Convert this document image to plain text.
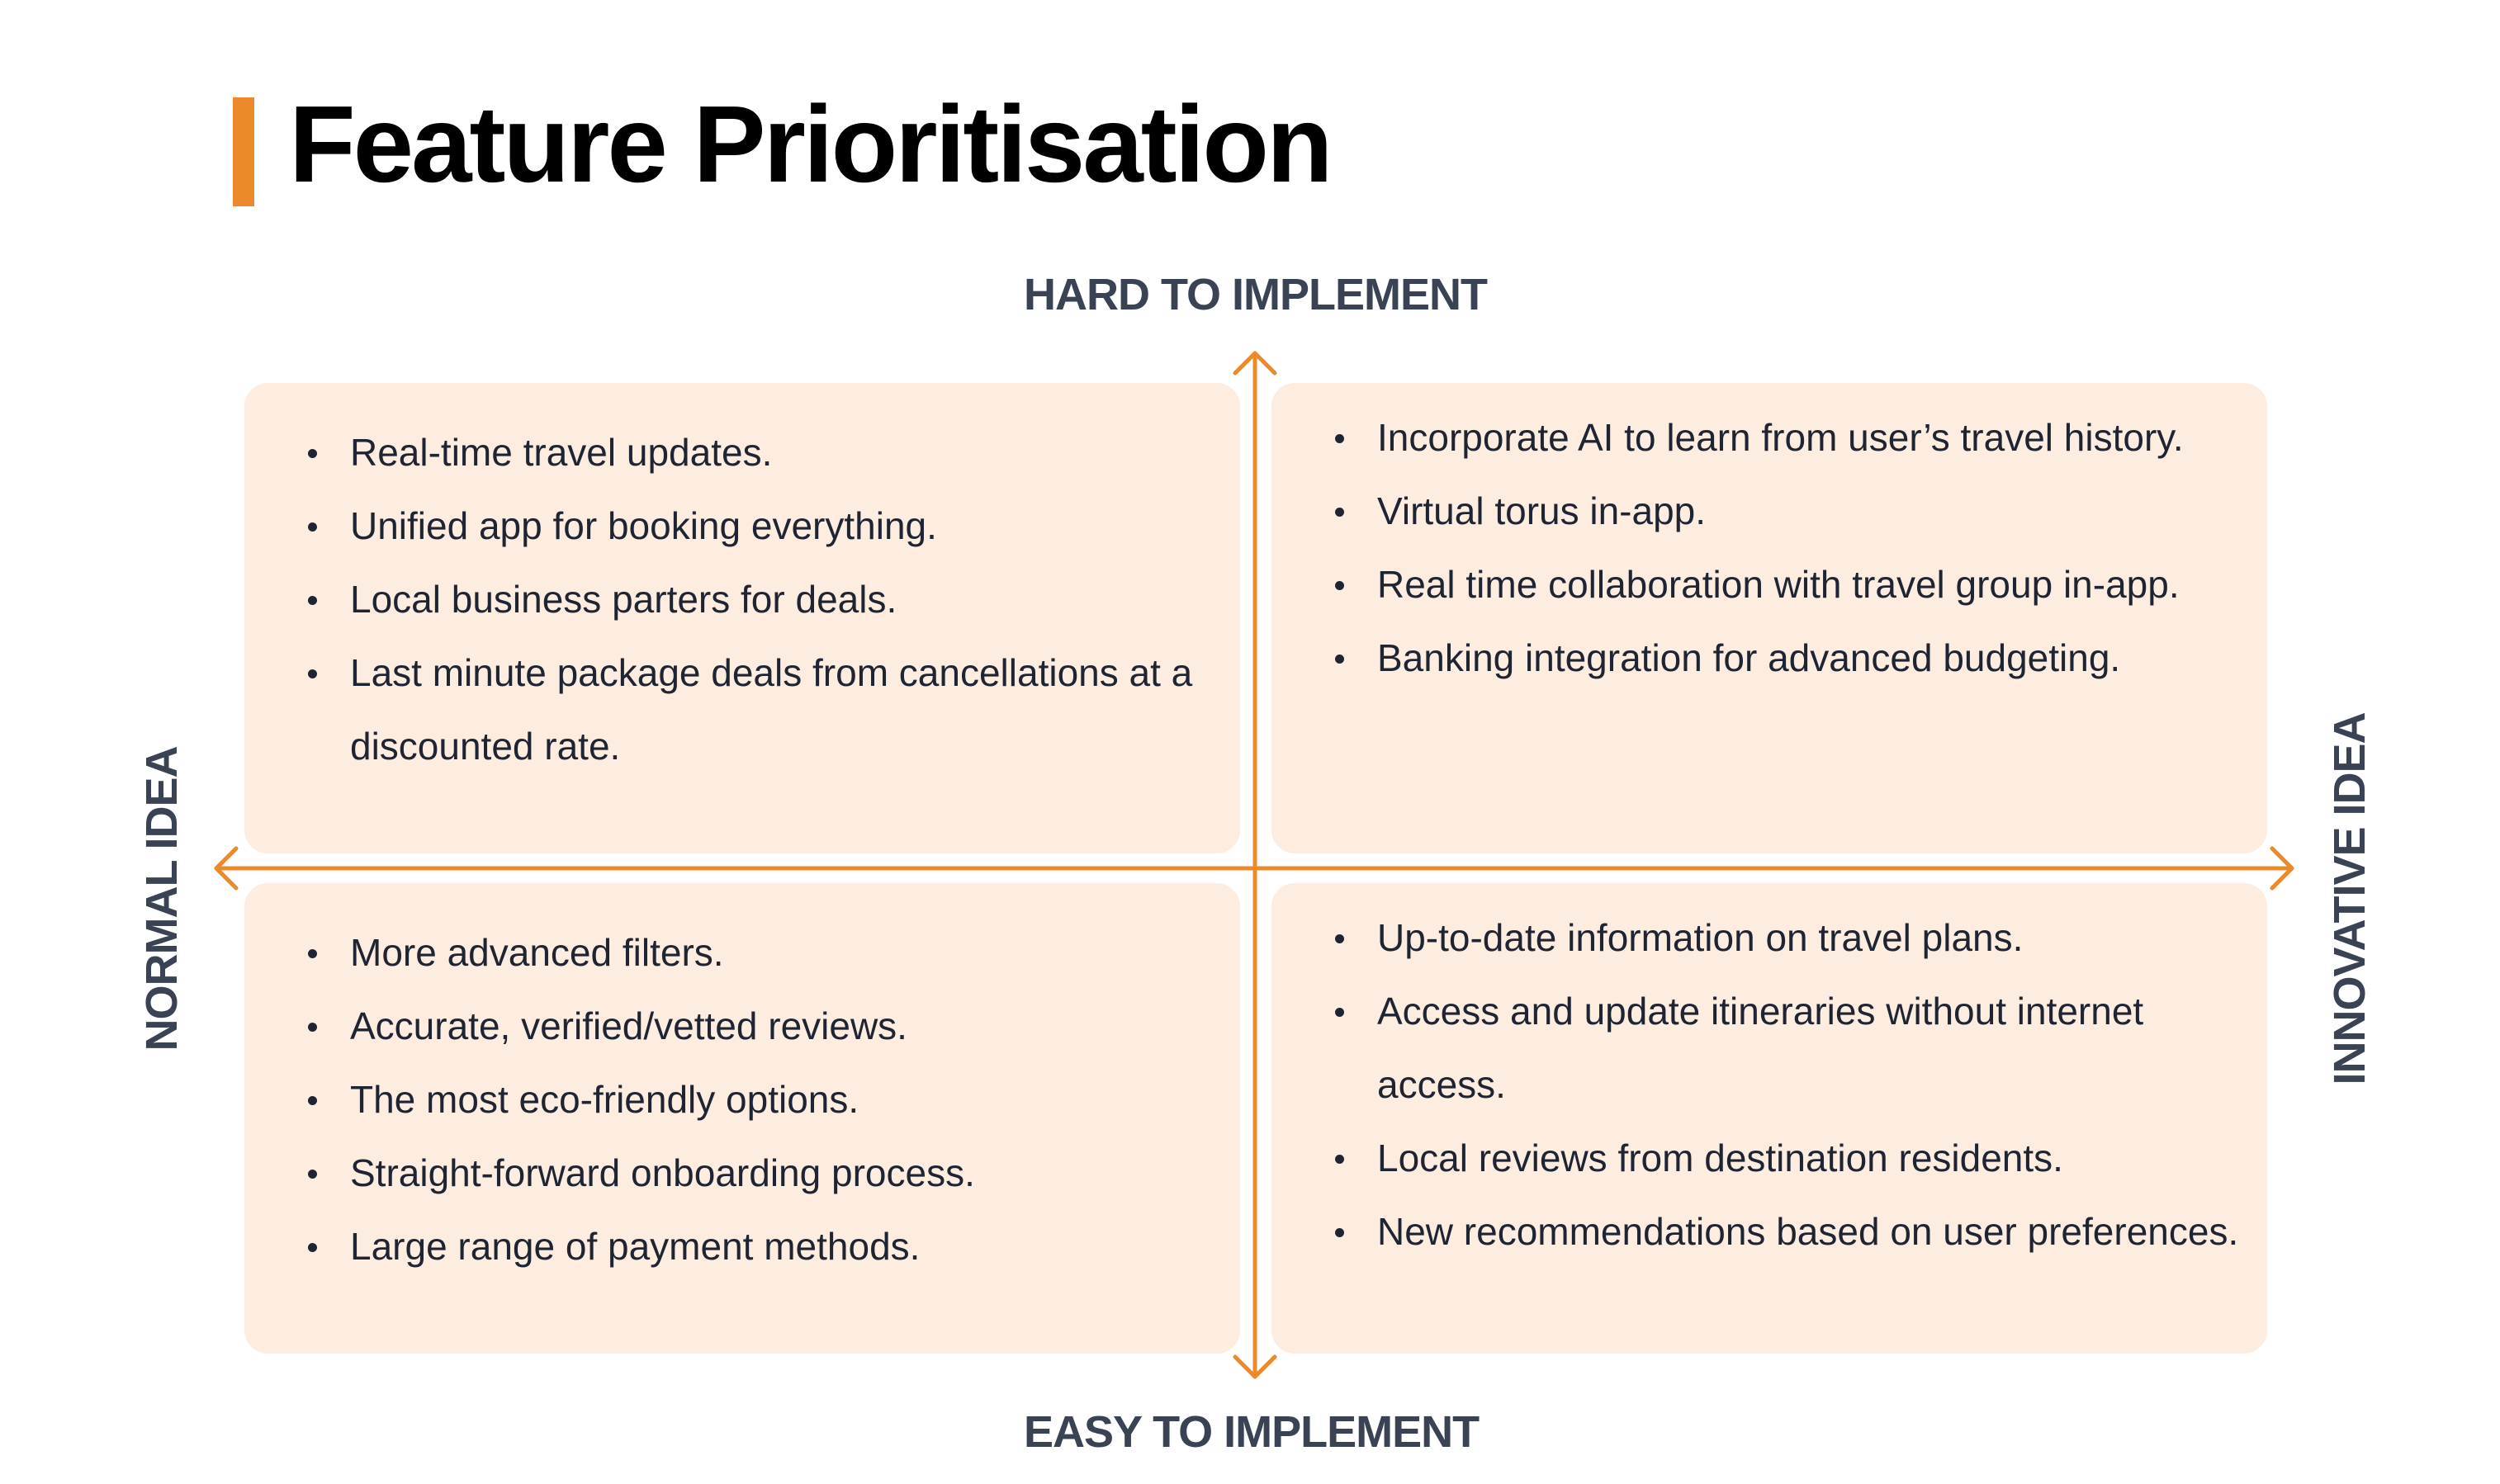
Feature Prioritisation
HARD TO IMPLEMENT
EASY TO IMPLEMENT
NORMAL IDEA	INNOVATIVE IDEA
Real-time travel updates.
Unified app for booking everything.
Local business parters for deals.
Last minute package deals from cancellations at a discounted rate.
Incorporate AI to learn from user’s travel history.
Virtual torus in-app.
Real time collaboration with travel group in-app.
Banking integration for advanced budgeting.
More advanced filters.
Accurate, verified/vetted reviews.
The most eco-friendly options.
Straight-forward onboarding process.
Large range of payment methods.
Up-to-date information on travel plans.
Access and update itineraries without internet access.
Local reviews from destination residents.
New recommendations based on user preferences.
